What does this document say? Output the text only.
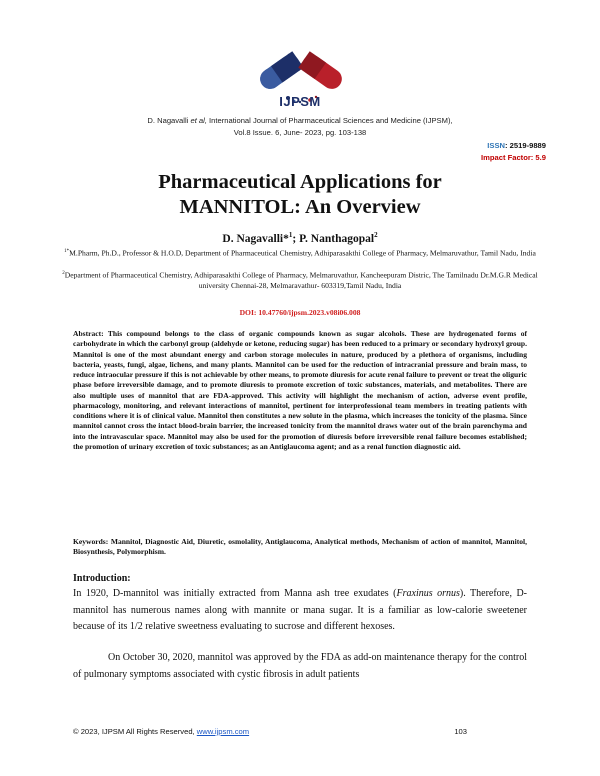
IJPSM
D. Nagavalli et al, International Journal of Pharmaceutical Sciences and Medicine (IJPSM),
Vol.8 Issue. 6, June- 2023, pg. 103-138
ISSN: 2519-9889
Impact Factor: 5.9
Pharmaceutical Applications for
MANNITOL: An Overview
D. Nagavalli*$^1$; P. Nanthagopal$^2$
$^{1*}$M.Pharm, Ph.D., Professor & H.O.D, Department of Pharmaceutical Chemistry, Adhiparasakthi College of Pharmacy, Melmaruvathur, Tamil Nadu, India
$^2$Department of Pharmaceutical Chemistry, Adhiparasakthi College of Pharmacy, Melmaruvathur, Kancheepuram Distric, The Tamilnadu Dr.M.G.R Medical university Chennai-28, Melmaravathur- 603319,Tamil Nadu, India
DOI: 10.47760/ijpsm.2023.v08i06.008
Abstract: This compound belongs to the class of organic compounds known as sugar alcohols. These are hydrogenated forms of carbohydrate in which the carbonyl group (aldehyde or ketone, reducing sugar) has been reduced to a primary or secondary hydroxyl group. Mannitol is one of the most abundant energy and carbon storage molecules in nature, produced by a plethora of organisms, including bacteria, yeasts, fungi, algae, lichens, and many plants. Mannitol can be used for the reduction of intracranial pressure and brain mass, to reduce intraocular pressure if this is not achievable by other means, to promote diuresis for acute renal failure to prevent or treat the oliguric phase before irreversible damage, and to promote diuresis to promote excretion of toxic substances, materials, and metabolites. There are also multiple uses of mannitol that are FDA-approved. This activity will highlight the mechanism of action, adverse event profile, pharmacology, monitoring, and relevant interactions of mannitol, pertinent for interprofessional team members in treating patients with conditions where it is of clinical value. Mannitol then constitutes a new solute in the plasma, which increases the tonicity of the plasma. Since mannitol cannot cross the intact blood-brain barrier, the increased tonicity from the mannitol draws water out of the brain parenchyma and into the intravascular space. Mannitol may also be used for the promotion of diuresis before irreversible renal failure becomes established; the promotion of urinary excretion of toxic substances; as an Antiglaucoma agent; and as a renal function diagnostic aid.
Keywords: Mannitol, Diagnostic Aid, Diuretic, osmolality, Antiglaucoma, Analytical methods, Mechanism of action of mannitol, Mannitol, Biosynthesis, Polymorphism.
Introduction:
In 1920, D-mannitol was initially extracted from Manna ash tree exudates (Fraxinus ornus). Therefore, D-mannitol has numerous names along with mannite or mana sugar. It is a familiar as low-calorie sweetener because of its 1/2 relative sweetness evaluating to sucrose and different hexoses.
On October 30, 2020, mannitol was approved by the FDA as add-on maintenance therapy for the control of pulmonary symptoms associated with cystic fibrosis in adult patients
© 2023, IJPSM All Rights Reserved, www.ijpsm.com	103
